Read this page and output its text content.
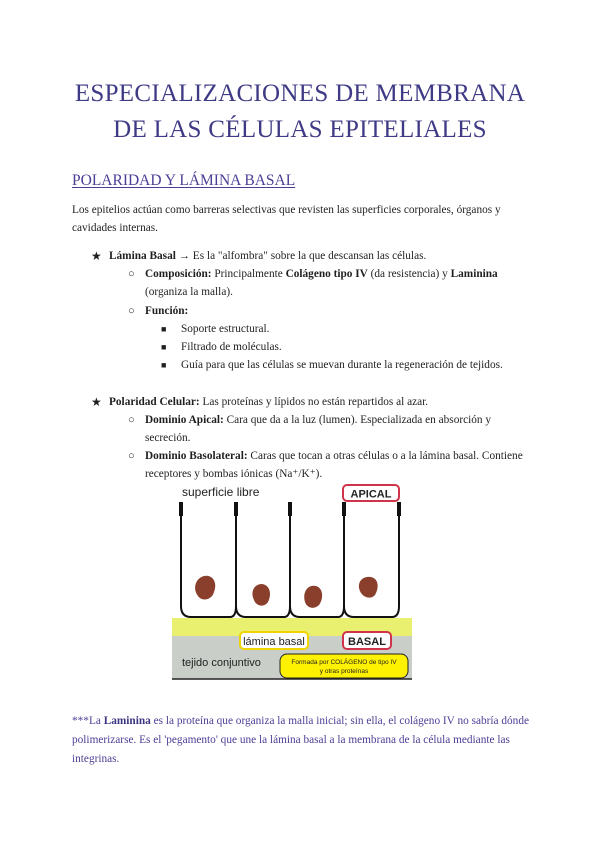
ESPECIALIZACIONES DE MEMBRANA
DE LAS CÉLULAS EPITELIALES
POLARIDAD Y LÁMINA BASAL

Los epitelios actúan como barreras selectivas que revisten las superficies corporales, órganos y cavidades internas.

★ Lámina Basal → Es la "alfombra" sobre la que descansan las células.
○ Composición: Principalmente Colágeno tipo IV (da resistencia) y Laminina
(organiza la malla).
○ Función:
■ Soporte estructural.
■ Filtrado de moléculas.
■ Guía para que las células se muevan durante la regeneración de tejidos.
★ Polaridad Celular: Las proteínas y lípidos no están repartidos al azar.
○ Dominio Apical: Cara que da a la luz (lumen). Especializada en absorción y
secreción.
○ Dominio Basolateral: Caras que tocan a otras células o a la lámina basal. Contiene
receptores y bombas iónicas (Na⁺/K⁺).
superficie libre	APICAL
lámina basal	BASAL
tejido conjuntivo	Formada por COLÁGENO de tipo IV
y otras proteínas

***La Laminina es la proteína que organiza la malla inicial; sin ella, el colágeno IV no sabría dónde polimerizarse. Es el 'pegamento' que une la lámina basal a la membrana de la célula mediante las integrinas.
